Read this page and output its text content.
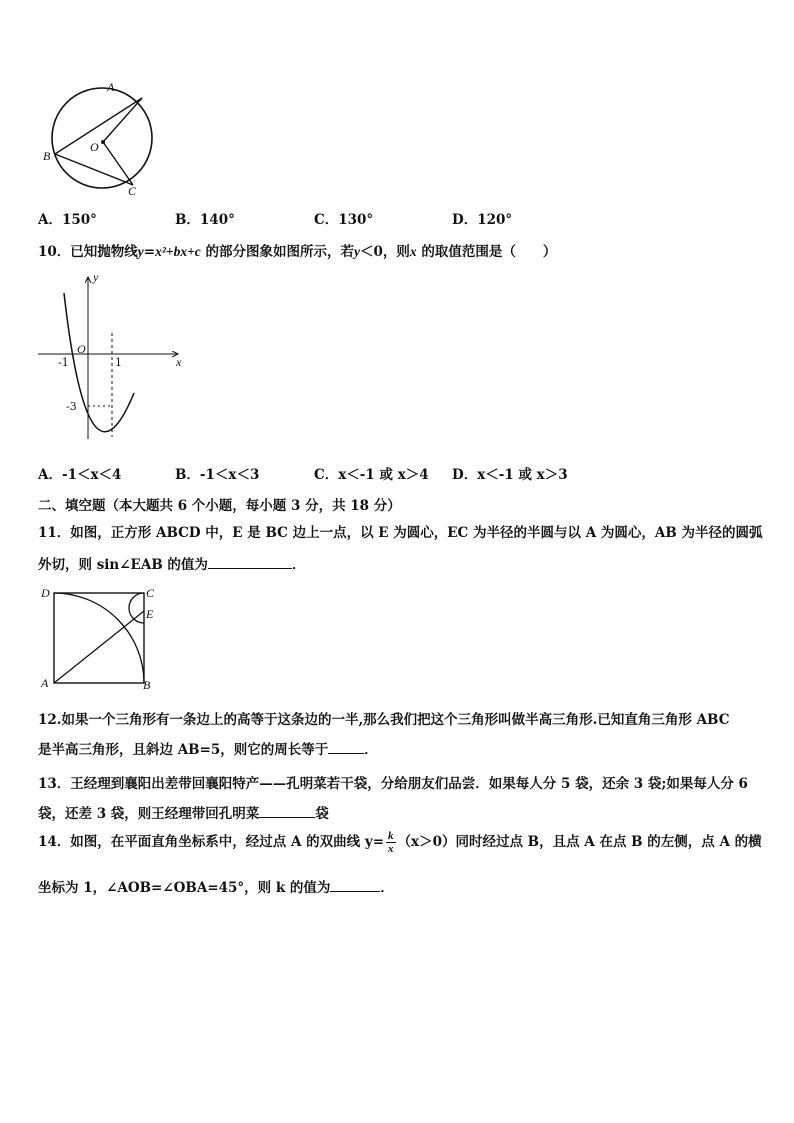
A
O
B
C
A．150°	B．140°	C．130°	D．120°
10．已知抛物线y=x²+bx+c 的部分图象如图所示，若y＜0，则x 的取值范围是（　　）
y
O
x
-1	1
-3
A．-1＜x＜4	B．-1＜x＜3	C．x＜-1 或 x＞4 D．x＜-1 或 x＞3
二、填空题（本大题共 6 个小题，每小题 3 分，共 18 分）
11．如图，正方形 ABCD 中，E 是 BC 边上一点，以 E 为圆心，EC 为半径的半圆与以 A 为圆心，AB 为半径的圆弧
外切，则 sin∠EAB 的值为	．
D	C
E
A	B
12.如果一个三角形有一条边上的高等于这条边的一半,那么我们把这个三角形叫做半高三角形.已知直角三角形 ABC
是半高三角形，且斜边 AB=5，则它的周长等于	．
13．王经理到襄阳出差带回襄阳特产——孔明菜若干袋，分给朋友们品尝．如果每人分 5 袋，还余 3 袋;如果每人分 6
袋，还差 3 袋，则王经理带回孔明菜	袋
14．如图，在平面直角坐标系中，经过点 A 的双曲线 $y= \frac{k}{x} (x>0)$同时经过点 B，且点 A 在点 B 的左侧，点 A 的横
坐标为 1，∠AOB=∠OBA=45°，则 k 的值为	．
